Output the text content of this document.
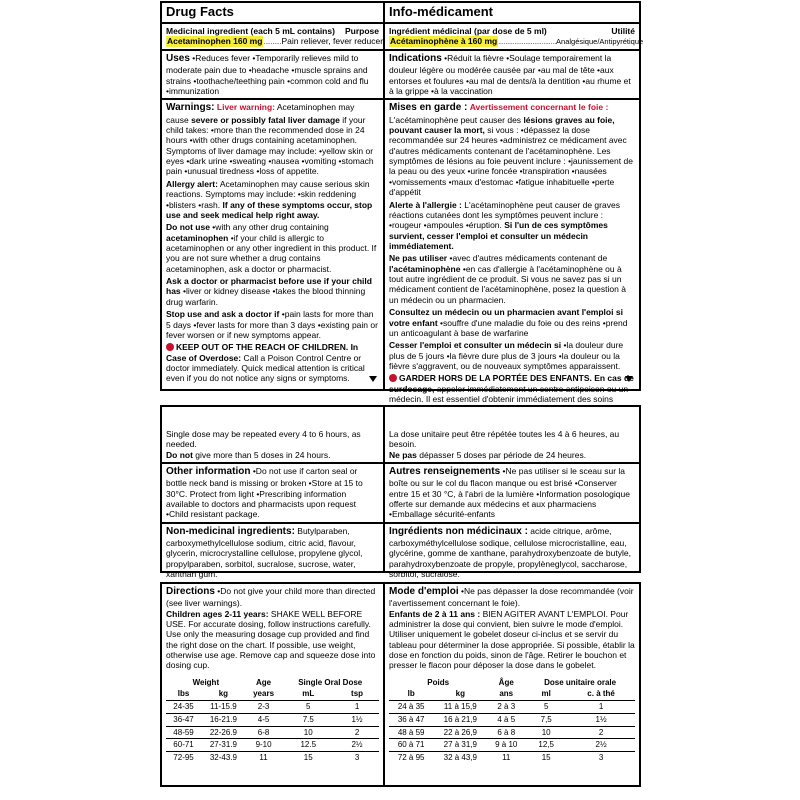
Drug Facts
Medicinal ingredient (each 5 mL contains) Purpose
Acetaminophen 160 mg .......... Pain reliever, fever reducer
Uses •Reduces fever •Temporarily relieves mild to moderate pain due to •headache •muscle sprains and strains •toothache/teething pain •common cold and flu •immunization

Warnings: Liver warning: Acetaminophen may cause severe or possibly fatal liver damage if your child takes: •more than the recommended dose in 24 hours •with other drugs containing acetaminophen. Symptoms of liver damage may include: •yellow skin or eyes •dark urine •sweating •nausea •vomiting •stomach pain •unusual tiredness •loss of appetite.

Allergy alert: Acetaminophen may cause serious skin reactions. Symptoms may include: •skin reddening •blisters •rash. If any of these symptoms occur, stop use and seek medical help right away.

Do not use •with any other drug containing acetaminophen •if your child is allergic to acetaminophen or any other ingredient in this product. If you are not sure whether a drug contains acetaminophen, ask a doctor or pharmacist.

Ask a doctor or pharmacist before use if your child has •liver or kidney disease •takes the blood thinning drug warfarin.

Stop use and ask a doctor if •pain lasts for more than 5 days •fever lasts for more than 3 days •existing pain or fever worsen or if new symptoms appear.

KEEP OUT OF THE REACH OF CHILDREN. In Case of Overdose: Call a Poison Control Centre or doctor immediately. Quick medical attention is critical even if you do not notice any signs or symptoms.

Info-médicament
Ingrédient médicinal (par dose de 5 ml)	Utilité
Acétaminophène à 160 mg ................................ Analgésique/Antipyrétique
Indications •Réduit la fièvre •Soulage temporairement la douleur légère ou modérée causée par •au mal de tête •aux entorses et foulures •au mal de dents/à la dentition •au rhume et à la grippe •à la vaccination

Mises en garde : Avertissement concernant le foie : L'acétaminophène peut causer des lésions graves au foie, pouvant causer la mort, si vous : •dépassez la dose recommandée sur 24 heures •administrez ce médicament avec d'autres médicaments contenant de l'acétaminophène. Les symptômes de lésions au foie peuvent inclure : •jaunissement de la peau ou des yeux •urine foncée •transpiration •nausées •vomissements •maux d'estomac •fatigue inhabituelle •perte d'appétit

Alerte à l'allergie : L'acétaminophène peut causer de graves réactions cutanées dont les symptômes peuvent inclure : •rougeur •ampoules •éruption. Si l'un de ces symptômes survient, cesser l'emploi et consulter un médecin immédiatement.

Ne pas utiliser •avec d'autres médicaments contenant de l'acétaminophène •en cas d'allergie à l'acétaminophène ou à tout autre ingrédient de ce produit. Si vous ne savez pas si un médicament contient de l'acétaminophène, posez la question à un médecin ou un pharmacien.

Consultez un médecin ou un pharmacien avant l'emploi si votre enfant •souffre d'une maladie du foie ou des reins •prend un anticoagulant à base de warfarine

Cesser l'emploi et consulter un médecin si •la douleur dure plus de 5 jours •la fièvre dure plus de 3 jours •la douleur ou la fièvre s'aggravent, ou de nouveaux symptômes apparaissent.

GARDER HORS DE LA PORTÉE DES ENFANTS. En cas de surdosage, appeler immédiatement un centre antipoison ou un médecin. Il est essentiel d'obtenir immédiatement des soins

Single dose may be repeated every 4 to 6 hours, as needed.

Do not give more than 5 doses in 24 hours.

Other information •Do not use if carton seal or bottle neck band is missing or broken •Store at 15 to 30°C. Protect from light •Prescribing information available to doctors and pharmacists upon request •Child resistant package.
Non-medicinal ingredients: Butylparaben, carboxymethylcellulose sodium, citric acid, flavour, glycerin, microcrystalline cellulose, propylene glycol, propylparaben, sorbitol, sucralose, sucrose, water, xanthan gum.

La dose unitaire peut être répétée toutes les 4 à 6 heures, au besoin.

Ne pas dépasser 5 doses par période de 24 heures.

Autres renseignements •Ne pas utiliser si le sceau sur la boîte ou sur le col du flacon manque ou est brisé •Conserver entre 15 et 30 °C, à l'abri de la lumière •Information posologique offerte sur demande aux médecins et aux pharmaciens •Emballage sécurité-enfants
Ingrédients non médicinaux : acide citrique, arôme, carboxyméthylcellulose sodique, cellulose microcristalline, eau, glycérine, gomme de xanthane, parahydroxybenzoate de butyle, parahydroxybenzoate de propyle, propylèneglycol, saccharose, sorbitol, sucralose.

Directions •Do not give your child more than directed (see liver warnings).

Children ages 2-11 years: SHAKE WELL BEFORE USE. For accurate dosing, follow instructions carefully. Use only the measuring dosage cup provided and find the right dose on the chart. If possible, use weight, otherwise use age. Remove cap and squeeze dose into dosing cup.

Weight		Age	Single Oral Dose	
lbs	kg	years	mL	tsp
24-35	11-15.9	2-3	5	1
36-47	16-21.9	4-5	7.5	1½
48-59	22-26.9	6-8	10	2
60-71	27-31.9	9-10	12.5	2½
72-95	32-43.9	11	15	3

Mode d'emploi •Ne pas dépasser la dose recommandée (voir l'avertissement concernant le foie).

Enfants de 2 à 11 ans : BIEN AGITER AVANT L'EMPLOI. Pour administrer la dose qui convient, bien suivre le mode d'emploi. Utiliser uniquement le gobelet doseur ci-inclus et se servir du tableau pour déterminer la dose appropriée. Si possible, établir la dose en fonction du poids, sinon de l'âge. Retirer le bouchon et presser le flacon pour déposer la dose dans le gobelet.

Poids		Âge	Dose unitaire orale	
lb	kg	ans	ml	c. à thé
24 à 35	11 à 15,9	2 à 3	5	1
36 à 47	16 à 21,9	4 à 5	7,5	1½
48 à 59	22 à 26,9	6 à 8	10	2
60 à 71	27 à 31,9	9 à 10	12,5	2½
72 à 95	32 à 43,9	11	15	3
